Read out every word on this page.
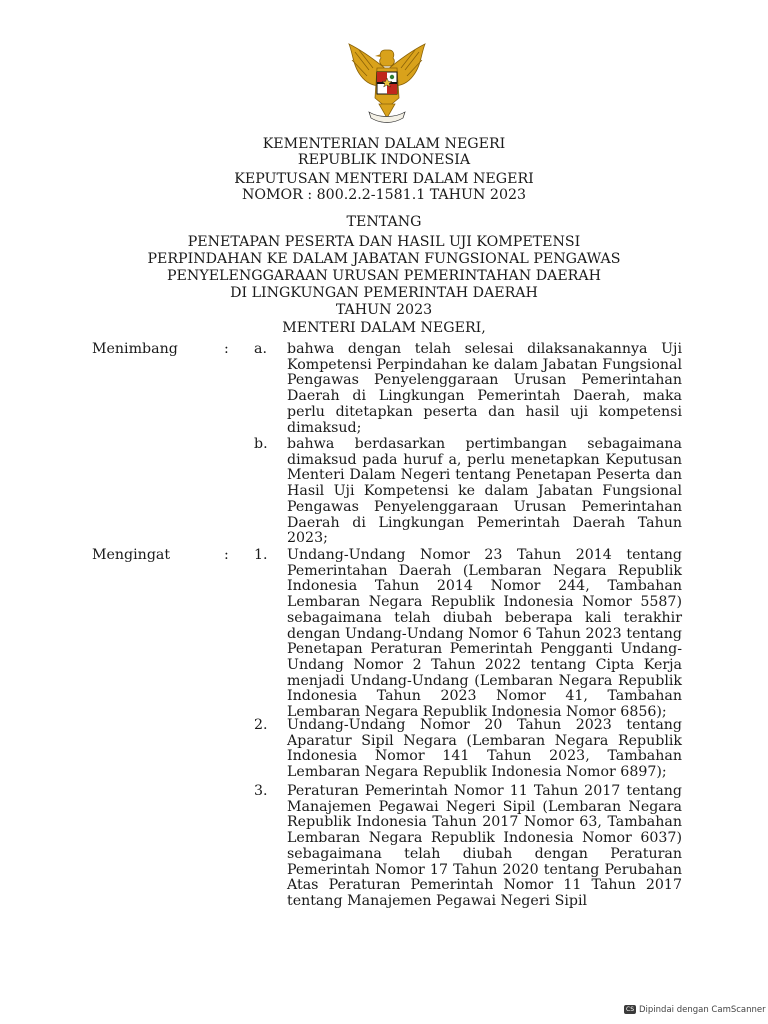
KEMENTERIAN DALAM NEGERI
REPUBLIK INDONESIA
KEPUTUSAN MENTERI DALAM NEGERI
NOMOR : 800.2.2-1581.1 TAHUN 2023
TENTANG
PENETAPAN PESERTA DAN HASIL UJI KOMPETENSI
PERPINDAHAN KE DALAM JABATAN FUNGSIONAL PENGAWAS
PENYELENGGARAAN URUSAN PEMERINTAHAN DAERAH
DI LINGKUNGAN PEMERINTAH DAERAH
TAHUN 2023
MENTERI DALAM NEGERI,
Menimbang	: a.	bahwa dengan telah selesai dilaksanakannya Uji Kompetensi Perpindahan ke dalam Jabatan Fungsional Pengawas Penyelenggaraan Urusan Pemerintahan Daerah di Lingkungan Pemerintah Daerah, maka perlu ditetapkan peserta dan hasil uji kompetensi dimaksud;
b.	bahwa berdasarkan pertimbangan sebagaimana dimaksud pada huruf a, perlu menetapkan Keputusan Menteri Dalam Negeri tentang Penetapan Peserta dan Hasil Uji Kompetensi ke dalam Jabatan Fungsional Pengawas Penyelenggaraan Urusan Pemerintahan Daerah di Lingkungan Pemerintah Daerah Tahun 2023;
Mengingat	: 1.	Undang-Undang Nomor 23 Tahun 2014 tentang Pemerintahan Daerah (Lembaran Negara Republik Indonesia Tahun 2014 Nomor 244, Tambahan Lembaran Negara Republik Indonesia Nomor 5587) sebagaimana telah diubah beberapa kali terakhir dengan Undang-Undang Nomor 6 Tahun 2023 tentang Penetapan Peraturan Pemerintah Pengganti Undang-Undang Nomor 2 Tahun 2022 tentang Cipta Kerja menjadi Undang-Undang (Lembaran Negara Republik Indonesia Tahun 2023 Nomor 41, Tambahan Lembaran Negara Republik Indonesia Nomor 6856);
2.	Undang-Undang Nomor 20 Tahun 2023 tentang Aparatur Sipil Negara (Lembaran Negara Republik Indonesia Nomor 141 Tahun 2023, Tambahan Lembaran Negara Republik Indonesia Nomor 6897);
3.	Peraturan Pemerintah Nomor 11 Tahun 2017 tentang Manajemen Pegawai Negeri Sipil (Lembaran Negara Republik Indonesia Tahun 2017 Nomor 63, Tambahan Lembaran Negara Republik Indonesia Nomor 6037) sebagaimana telah diubah dengan Peraturan Pemerintah Nomor 17 Tahun 2020 tentang Perubahan Atas Peraturan Pemerintah Nomor 11 Tahun 2017 tentang Manajemen Pegawai Negeri Sipil
CS Dipindai dengan CamScanner
